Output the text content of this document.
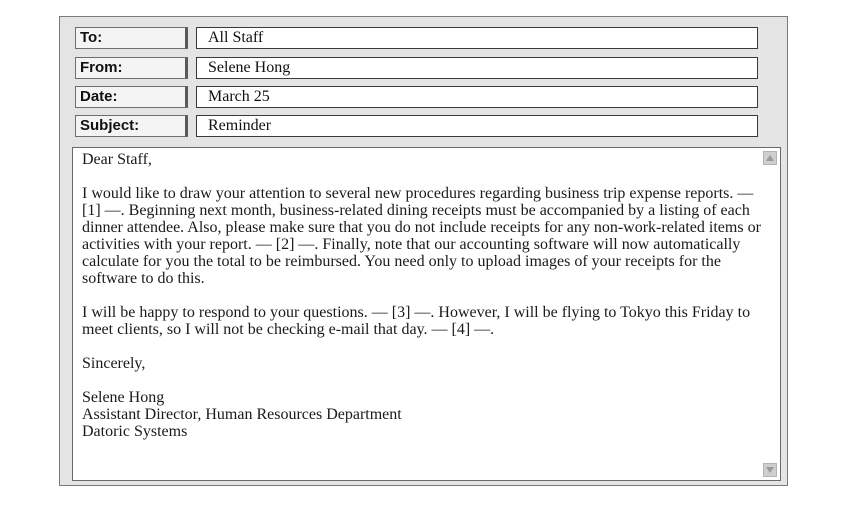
To:	All Staff
From:	Selene Hong
Date:	March 25
Subject:	Reminder

Dear Staff,

I would like to draw your attention to several new procedures regarding business trip expense reports. — [1] —. Beginning next month, business-related dining receipts must be accompanied by a listing of each dinner attendee. Also, please make sure that you do not include receipts for any non-work-related items or activities with your report. — [2] —. Finally, note that our accounting software will now automatically calculate for you the total to be reimbursed. You need only to upload images of your receipts for the software to do this.

I will be happy to respond to your questions. — [3] —. However, I will be flying to Tokyo this Friday to meet clients, so I will not be checking e-mail that day. — [4] —.

Sincerely,

Selene Hong
Assistant Director, Human Resources Department
Datoric Systems
